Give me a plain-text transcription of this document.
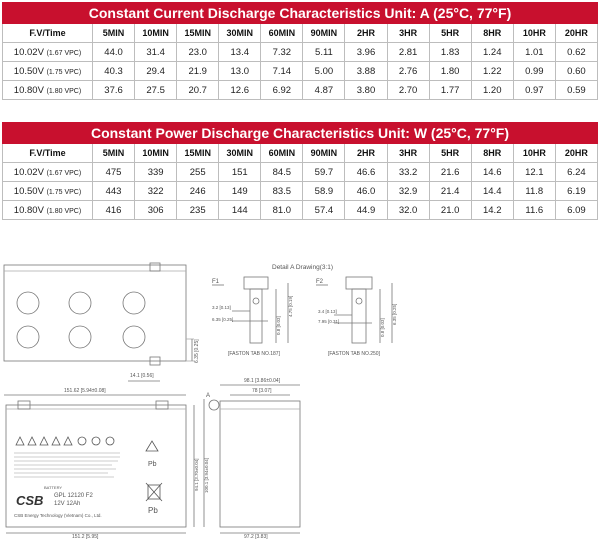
Constant Current Discharge Characteristics Unit: A (25°C, 77°F)												
F.V/Time	5MIN	10MIN	15MIN	30MIN	60MIN	90MIN	2HR	3HR	5HR	8HR	10HR	20HR
10.02V (1.67 VPC)	44.0	31.4	23.0	13.4	7.32	5.11	3.96	2.81	1.83	1.24	1.01	0.62
10.50V (1.75 VPC)	40.3	29.4	21.9	13.0	7.14	5.00	3.88	2.76	1.80	1.22	0.99	0.60
10.80V (1.80 VPC)	37.6	27.5	20.7	12.6	6.92	4.87	3.80	2.70	1.77	1.20	0.97	0.59
Constant Power Discharge Characteristics Unit: W (25°C, 77°F)												
F.V/Time	5MIN	10MIN	15MIN	30MIN	60MIN	90MIN	2HR	3HR	5HR	8HR	10HR	20HR
10.02V (1.67 VPC)	475	339	255	151	84.5	59.7	46.6	33.2	21.6	14.6	12.1	6.24
10.50V (1.75 VPC)	443	322	246	149	83.5	58.9	46.0	32.9	21.4	14.4	11.8	6.19
10.80V (1.80 VPC)	416	306	235	144	81.0	57.4	44.9	32.0	21.0	14.2	11.6	6.09
6.35 [0.25]
14.1 [0.56]
Detail A Drawing(3:1)
F1
3.2 [0.13]
6.35 [0.25]
4.75 [0.19]
0.8 [0.03]
[FASTON TAB NO.187]
F2
3.4 [0.13]
7.95 [0.31]	6.35 [0.25]
0.8 [0.03]
[FASTON TAB NO.250]
151.62 [5.94±0.08]
Pb
CSB
BATTERY
GPL 12120 F2
12V 12Ah
CSB Energy Technology (Vietnam) Co., Ltd.
Pb
151.2 [5.95]
94.1 [3.70±0.04] 100.1 [3.94±0.04]
A
98.1 [3.86±0.04]
78 [3.07]
97.2 [3.83]
